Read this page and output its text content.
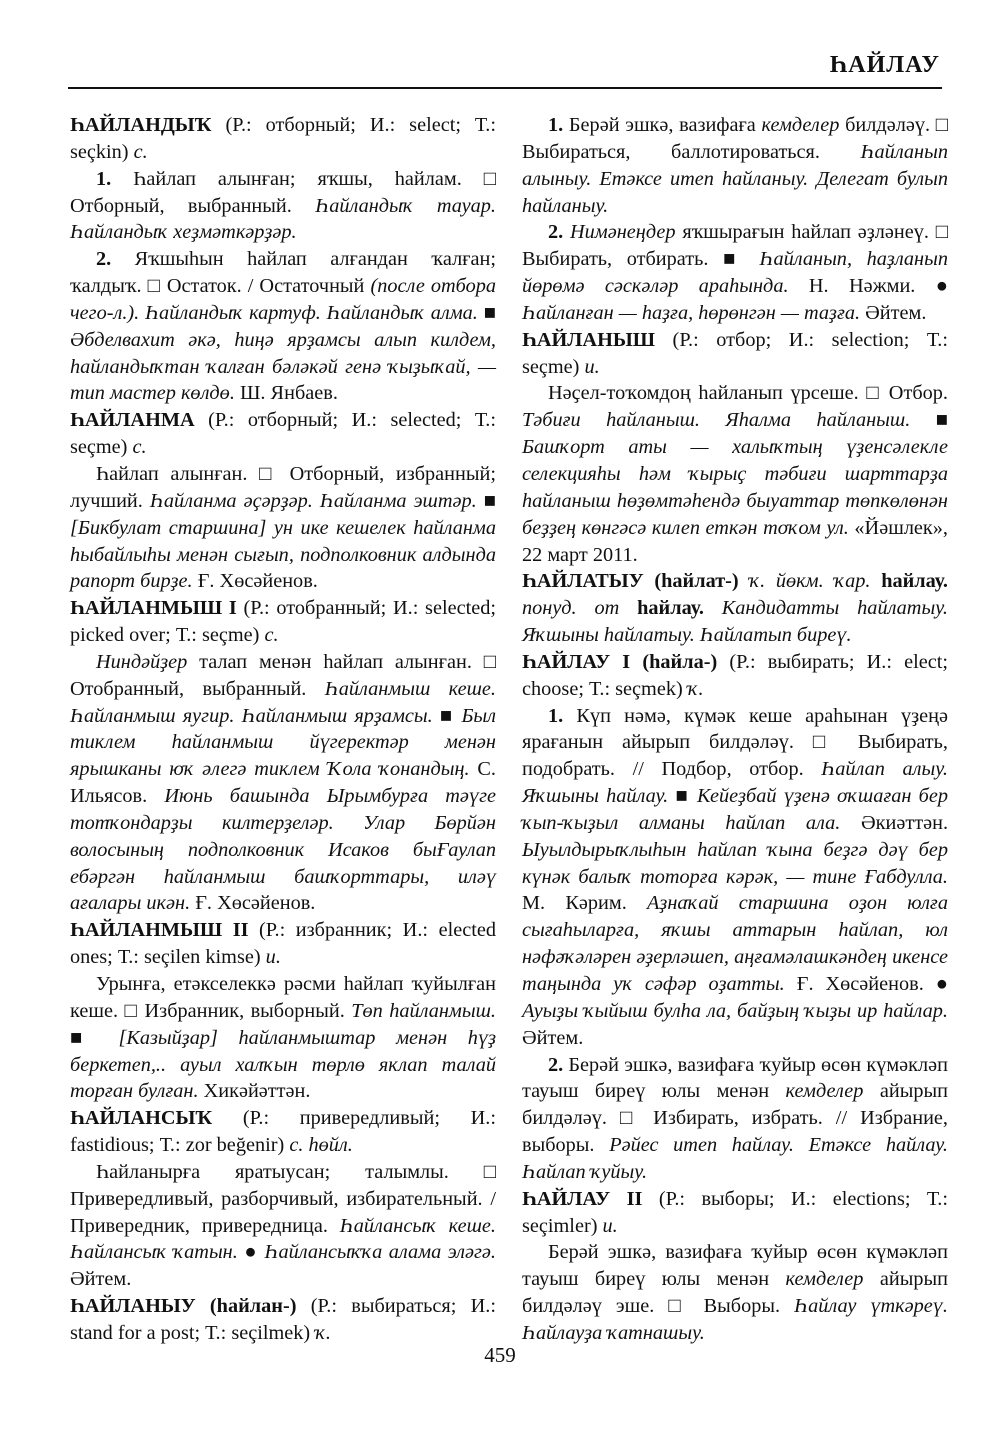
ҺАЙЛАУ

ҺАЙЛАНДЫҠ (Р.: отборный; И.: select; Т.: seçkin) с.

1. Һайлап алынған; яҡшы, һайлам. □ Отборный, выбранный. Һайландыҡ тауар. Һайландыҡ хеҙмәткәрҙәр.

2. Яҡшыһын һайлап алғандан ҡалған; ҡалдыҡ. □ Остаток. / Остаточный (после отбора чего-л.). Һайландыҡ картуф. Һайландыҡ алма. ■ Әбделвахит әкә, һиңә ярҙамсы алып килдем, һайландыҡтан ҡалған бәләкәй генә ҡыҙыҡай, — тип мастер көлдө. Ш. Янбаев.

ҺАЙЛАНМА (Р.: отборный; И.: selected; Т.: seçme) с.

Һайлап алынған. □ Отборный, избранный; лучший. Һайланма әҫәрҙәр. Һайланма эштәр. ■ [Бикбулат старшина] ун ике кешелек һайланма һыбайлыһы менән сығып, подполковник алдында рапорт бирҙе. Ғ. Хөсәйенов.

ҺАЙЛАНМЫШ I (Р.: отобранный; И.: selected; picked over; Т.: seçme) с.

Ниндәйҙер талап менән һайлап алынған. □ Отобранный, выбранный. Һайланмыш кеше. Һайланмыш яугир. Һайланмыш ярҙамсы. ■ Был тиклем һайланмыш йүгеректәр менән ярышканы юҡ әлегә тиклем Ҡола ҡонандың. С. Ильясов. Июнь башында Ырымбурға тәүге тотҡондарҙы килтерҙеләр. Улар Бөрйән волосының подполковник Исаков быҒаулап ебәргән һайланмыш башҡорттары, иләү ағалары икән. Ғ. Хөсәйенов.

ҺАЙЛАНМЫШ II (Р.: избранник; И.: elected ones; Т.: seçilen kimse) и.

Урынға, етәкселеккә рәсми һайлап ҡуйылған кеше. □ Избранник, выборный. Төп һайланмыш. ■ [Казыйҙар] һайланмыштар менән һүҙ беркетеп,.. ауыл халҡын төрлө яклап талай торған булған. Хикәйәттән.

ҺАЙЛАНСЫҠ (Р.: привередливый; И.: fastidious; Т.: zor beğenir) с. һөйл.

Һайланырға яратыусан; талымлы. □ Привередливый, разборчивый, избирательный. / Привередник, привередница. Һайлансыҡ кеше. Һайлансыҡ ҡатын. ● Һайлансыҡҡа алама эләгә. Әйтем.

ҺАЙЛАНЫУ (һайлан-) (Р.: выбираться; И.: stand for a post; Т.: seçilmek) ҡ.

1. Берәй эшкә, вазифаға кемделер билдәләү. □ Выбираться, баллотироваться. Һайланып алыныу. Етәксе итеп һайланыу. Делегат булып һайланыу.

2. Нимәнеңдер яҡшырағын һайлап әҙләнеү. □ Выбирать, отбирать. ■ Һайланып, һаҙланып йөрөмә сәскәләр араһында. Н. Нәжми. ● Һайланған — һаҙға, һөрөнгән — таҙға. Әйтем.

ҺАЙЛАНЫШ (Р.: отбор; И.: selection; Т.: seçme) и.

Нәҫел-тоҡомдоң һайланып үрсеше. □ Отбор. Тәбиғи һайланыш. Яһалма һайланыш. ■ Башҡорт аты — халыҡтың үҙенсәлекле селекцияһы һәм ҡырыҫ тәбиғи шарттарҙа һайланыш һөҙөмтәһендә быуаттар төпкөлөнән беҙҙең көнгәсә килеп еткән тоҡом ул. «Йәшлек», 22 март 2011.

ҺАЙЛАТЫУ (һайлат-) ҡ. йөкм. ҡар. һайлау. понуд. от һайлау. Кандидатты һайлатыу. Яҡшыны һайлатыу. Һайлатып биреү.

ҺАЙЛАУ I (һайла-) (Р.: выбирать; И.: elect; choose; Т.: seçmek) ҡ.

1. Күп нәмә, күмәк кеше араһынан үҙеңә ярағанын айырып билдәләү. □ Выбирать, подобрать. // Подбор, отбор. Һайлап алыу. Яҡшыны һайлау. ■ Кейеҙбай үҙенә оҡшаған бер ҡып-ҡыҙыл алманы һайлап ала. Әкиәттән. Ыуылдырыҡлыһын һайлап ҡына беҙгә дәү бер күнәк балыҡ тоторға кәрәк, — тине Ғабдулла. М. Кәрим. Аҙнаҡай старшина оҙон юлға сығаһыларға, яҡшы аттарын һайлап, юл нәфәҡәләрен әҙерләшеп, аңғамәлашкәндең икенсе таңында уҡ сәфәр оҙатты. Ғ. Хөсәйенов. ● Ауыҙы ҡыйыш булһа ла, байҙың ҡыҙы ир һайлар. Әйтем.

2. Берәй эшкә, вазифаға ҡуйыр өсөн күмәкләп тауыш биреү юлы менән кемделер айырып билдәләү. □ Избирать, избрать. // Избрание, выборы. Рәйес итеп һайлау. Етәксе һайлау. Һайлап ҡуйыу.

ҺАЙЛАУ II (Р.: выборы; И.: elections; Т.: seçimler) и.

Берәй эшкә, вазифаға ҡуйыр өсөн күмәкләп тауыш биреү юлы менән кемделер айырып билдәләү эше. □ Выборы. Һайлау үткәреү. Һайлауҙа ҡатнашыу.

459
